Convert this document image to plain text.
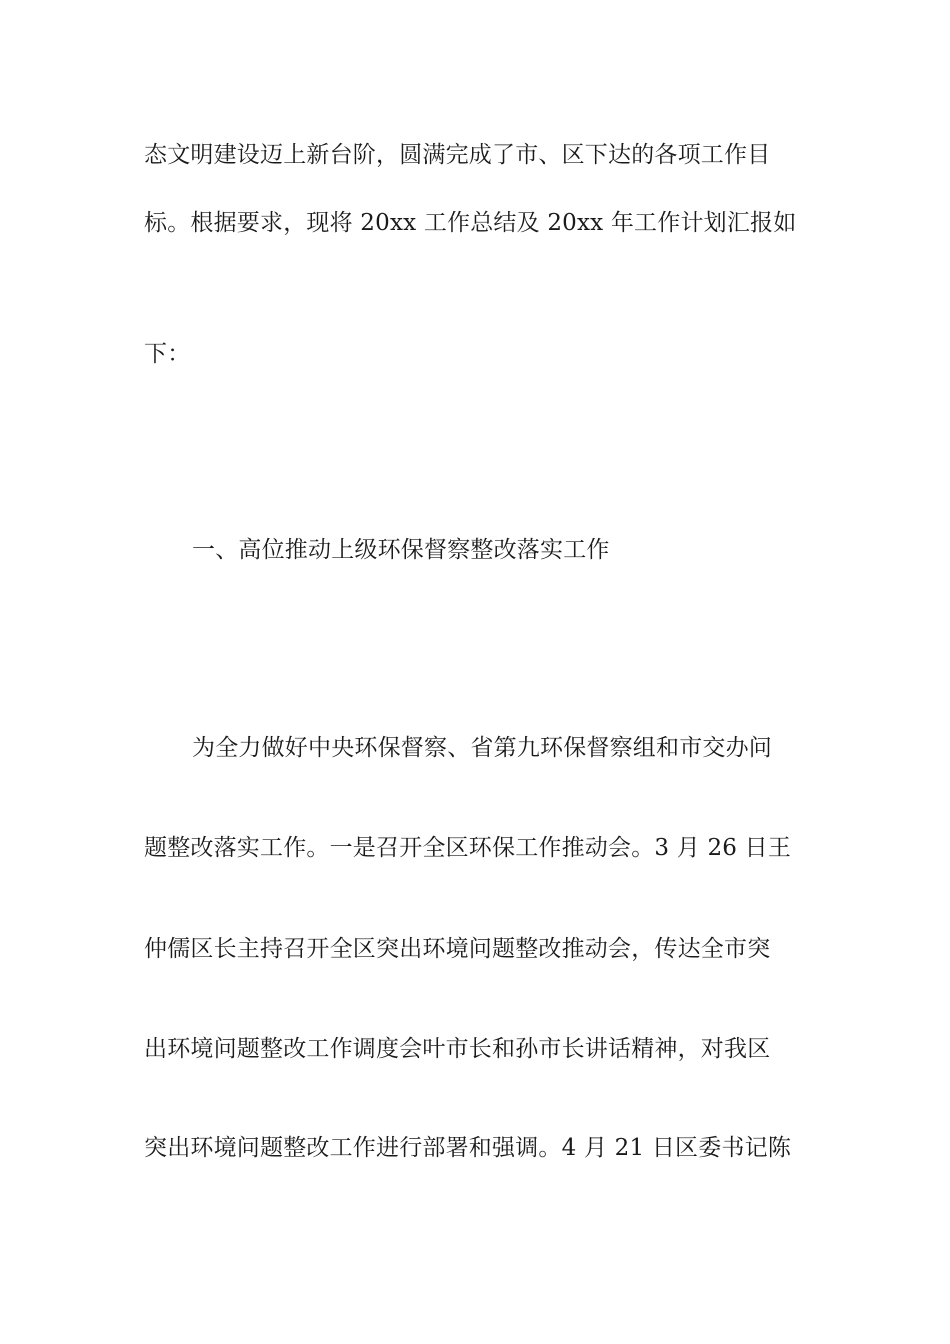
态文明建设迈上新台阶，圆满完成了市、区下达的各项工作目
标。根据要求，现将 20xx 工作总结及 20xx 年工作计划汇报如
下：
一、高位推动上级环保督察整改落实工作
为全力做好中央环保督察、省第九环保督察组和市交办问
题整改落实工作。一是召开全区环保工作推动会。3 月 26 日王
仲儒区长主持召开全区突出环境问题整改推动会，传达全市突
出环境问题整改工作调度会叶市长和孙市长讲话精神，对我区
突出环境问题整改工作进行部署和强调。4 月 21 日区委书记陈
